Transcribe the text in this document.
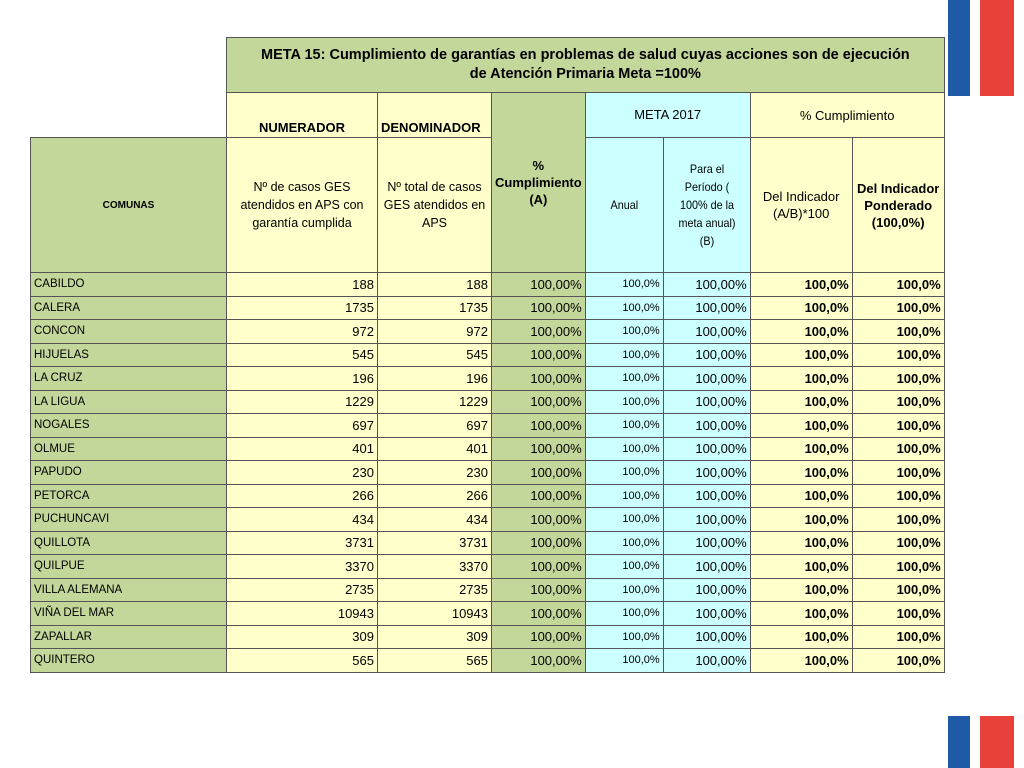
	META 15: Cumplimiento de garantías en problemas de salud cuyas acciones son de ejecución
de Atención Primaria Meta =100%						

	NUMERADOR	DENOMINADOR	% Cumplimiento (A)	META 2017		% Cumplimiento	
COMUNAS	Nº de casos GES atendidos en APS con garantía cumplida	Nº total de casos GES atendidos en APS		Anual	Para el Período ( 100% de la meta anual) (B)	Del Indicador (A/B)*100	Del Indicador Ponderado (100,0%)
CABILDO	188	188	100,00%	100,0%	100,00%	100,0%	100,0%
CALERA	1735	1735	100,00%	100,0%	100,00%	100,0%	100,0%
CONCON	972	972	100,00%	100,0%	100,00%	100,0%	100,0%
HIJUELAS	545	545	100,00%	100,0%	100,00%	100,0%	100,0%
LA CRUZ	196	196	100,00%	100,0%	100,00%	100,0%	100,0%
LA LIGUA	1229	1229	100,00%	100,0%	100,00%	100,0%	100,0%
NOGALES	697	697	100,00%	100,0%	100,00%	100,0%	100,0%
OLMUE	401	401	100,00%	100,0%	100,00%	100,0%	100,0%
PAPUDO	230	230	100,00%	100,0%	100,00%	100,0%	100,0%
PETORCA	266	266	100,00%	100,0%	100,00%	100,0%	100,0%
PUCHUNCAVI	434	434	100,00%	100,0%	100,00%	100,0%	100,0%
QUILLOTA	3731	3731	100,00%	100,0%	100,00%	100,0%	100,0%
QUILPUE	3370	3370	100,00%	100,0%	100,00%	100,0%	100,0%
VILLA ALEMANA	2735	2735	100,00%	100,0%	100,00%	100,0%	100,0%
VIÑA DEL MAR	10943	10943	100,00%	100,0%	100,00%	100,0%	100,0%
ZAPALLAR	309	309	100,00%	100,0%	100,00%	100,0%	100,0%
QUINTERO	565	565	100,00%	100,0%	100,00%	100,0%	100,0%
